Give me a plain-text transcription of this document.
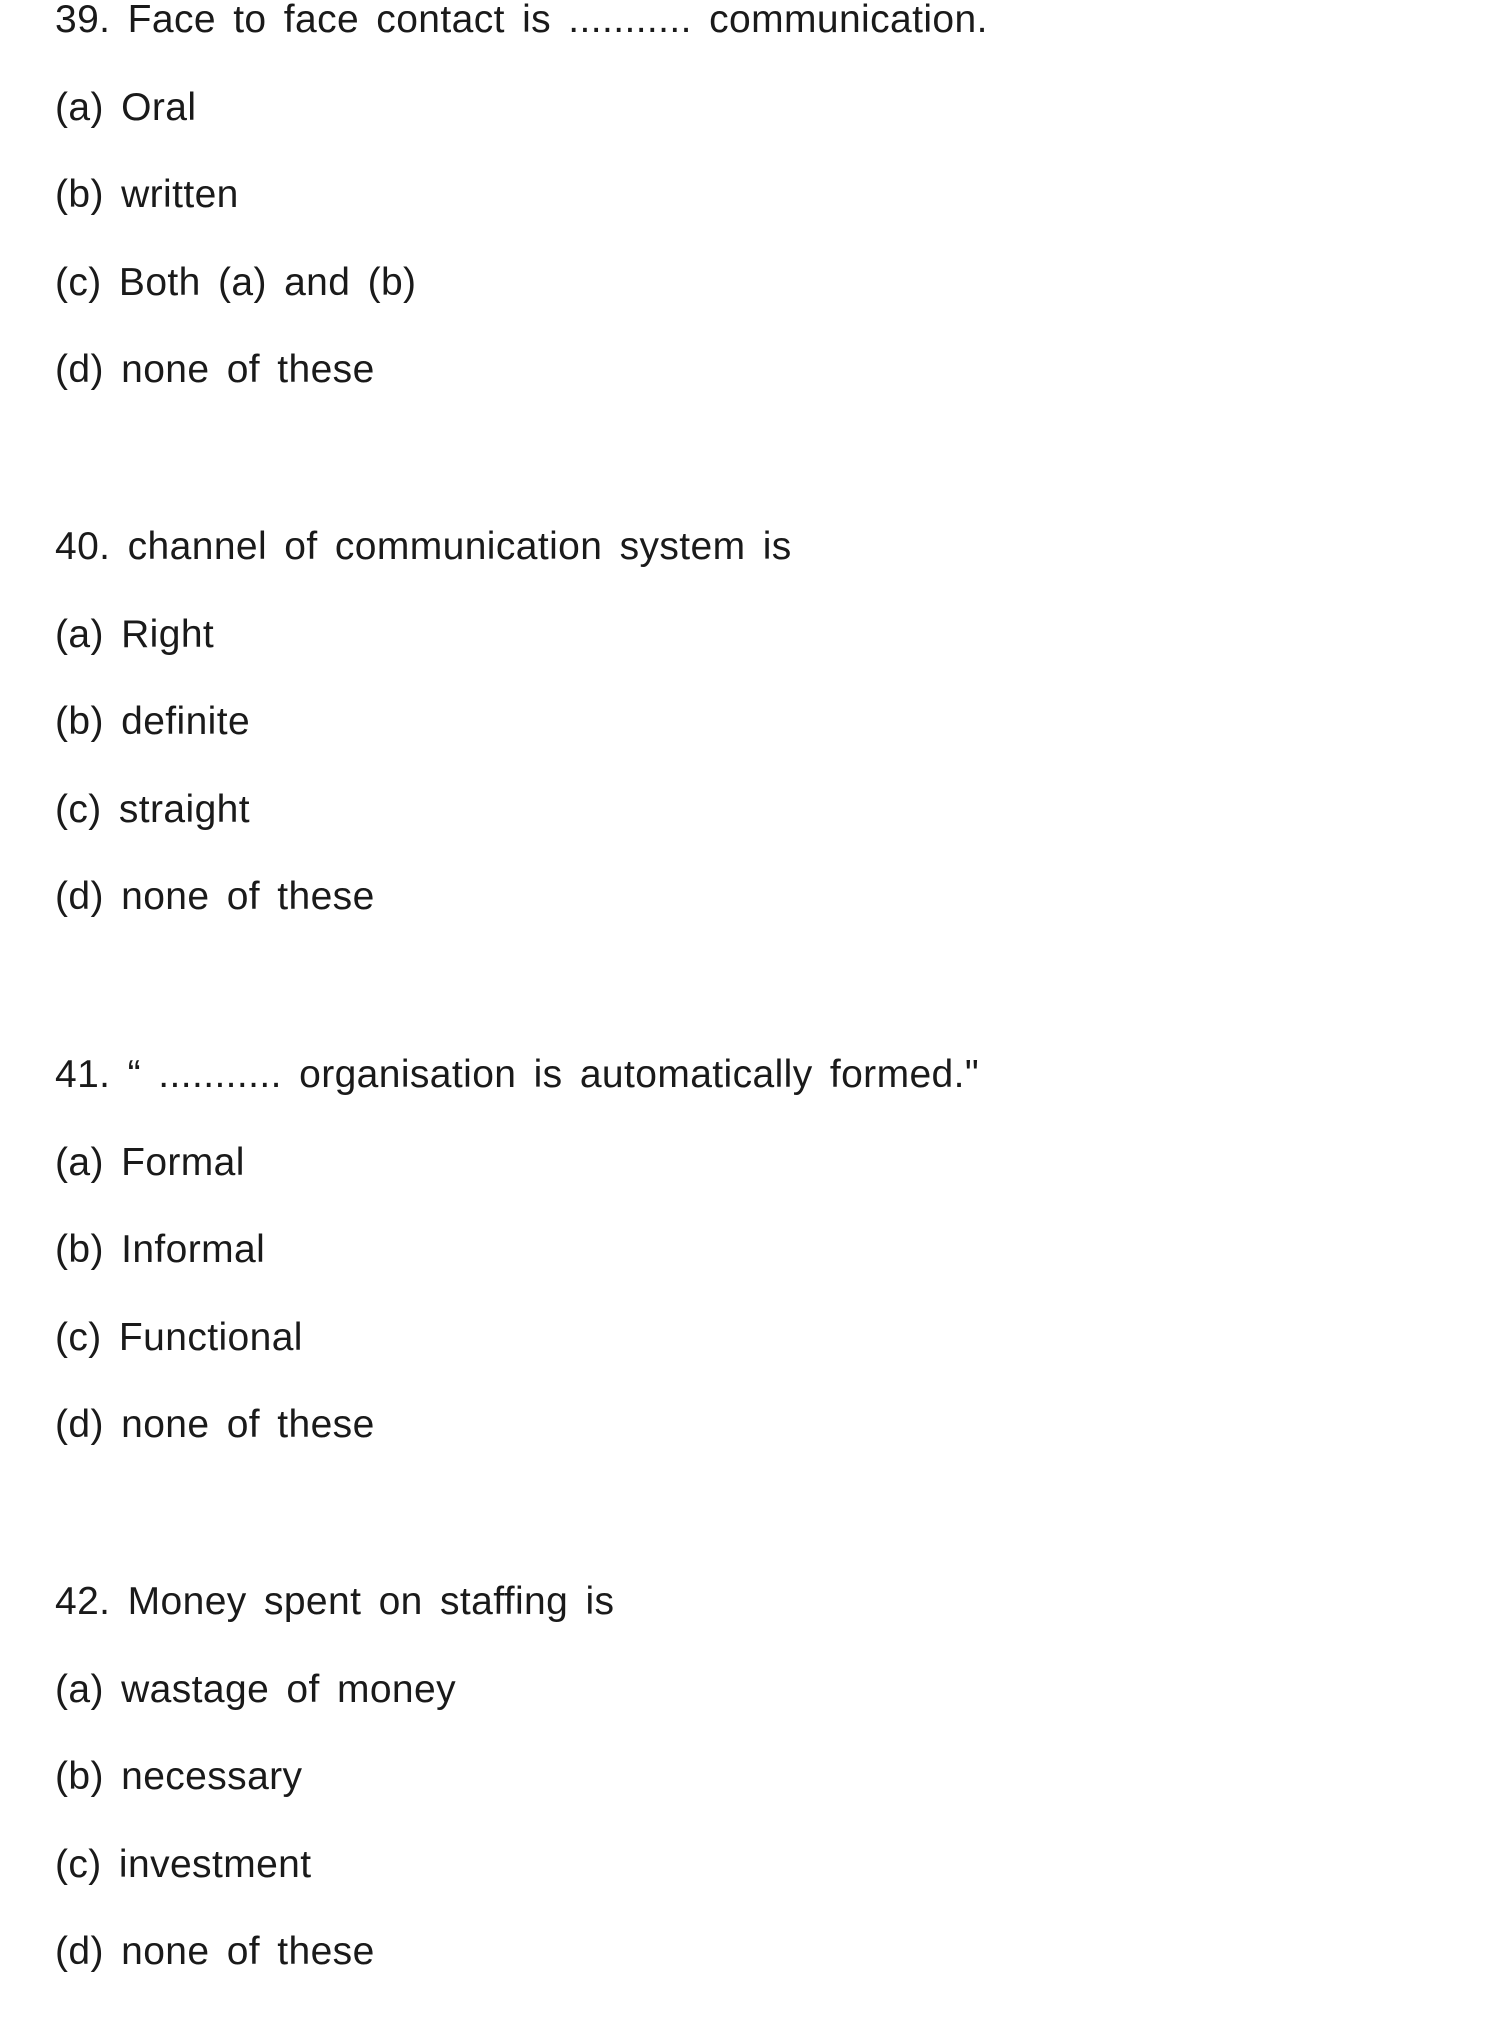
39. Face to face contact is ........... communication.
(a) Oral
(b) written
(c) Both (a) and (b)
(d) none of these
40. channel of communication system is
(a) Right
(b) definite
(c) straight
(d) none of these
41. “ ........... organisation is automatically formed."
(a) Formal
(b) Informal
(c) Functional
(d) none of these
42. Money spent on staffing is
(a) wastage of money
(b) necessary
(c) investment
(d) none of these
